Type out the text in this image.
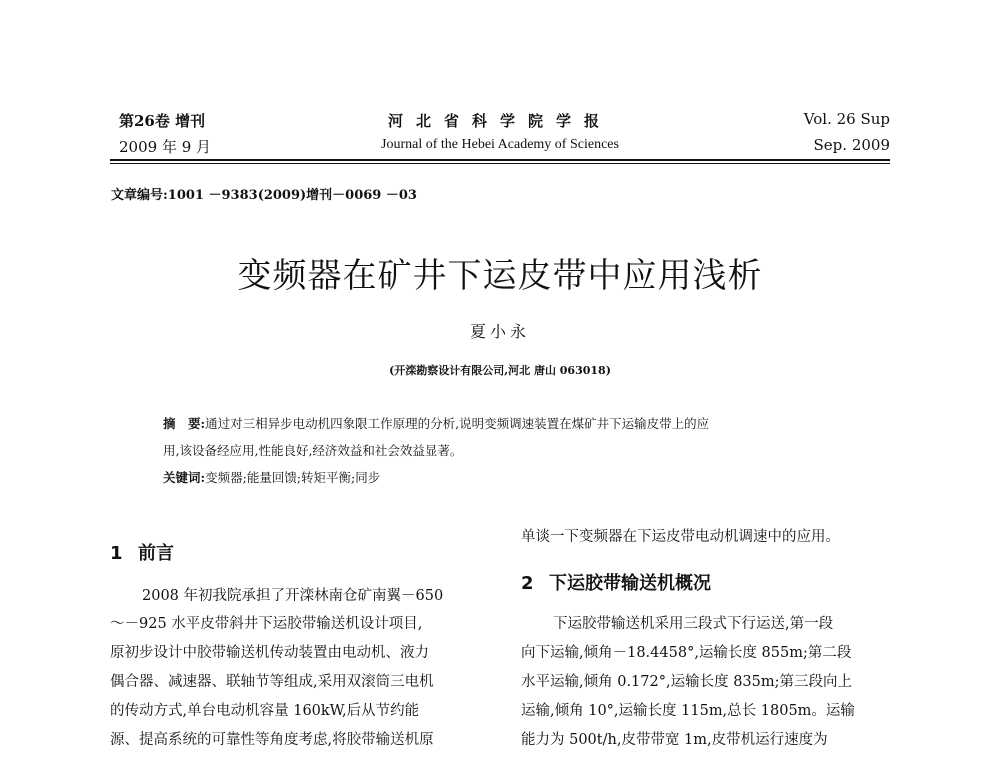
第26卷 增刊
2009 年 9 月
河北省科学院学报
Journal of the Hebei Academy of Sciences
Vol. 26 Sup
Sep. 2009
文章编号:1001 －9383(2009)增刊－0069 －03
变频器在矿井下运皮带中应用浅析
夏小永
(开滦勘察设计有限公司,河北 唐山 063018)
摘　要:通过对三相异步电动机四象限工作原理的分析,说明变频调速装置在煤矿井下运输皮带上的应
用,该设备经应用,性能良好,经济效益和社会效益显著。
关键词:变频器;能量回馈;转矩平衡;同步
1 前言
2008 年初我院承担了开滦林南仓矿南翼－650
～－925 水平皮带斜井下运胶带输送机设计项目,
原初步设计中胶带输送机传动装置由电动机、液力
偶合器、减速器、联轴节等组成,采用双滚筒三电机
的传动方式,单台电动机容量 160kW,后从节约能
源、提高系统的可靠性等角度考虑,将胶带输送机原
单谈一下变频器在下运皮带电动机调速中的应用。
2 下运胶带输送机概况
下运胶带输送机采用三段式下行运送,第一段
向下运输,倾角－18.4458°,运输长度 855m;第二段
水平运输,倾角 0.172°,运输长度 835m;第三段向上
运输,倾角 10°,运输长度 115m,总长 1805m。运输
能力为 500t/h,皮带带宽 1m,皮带机运行速度为
